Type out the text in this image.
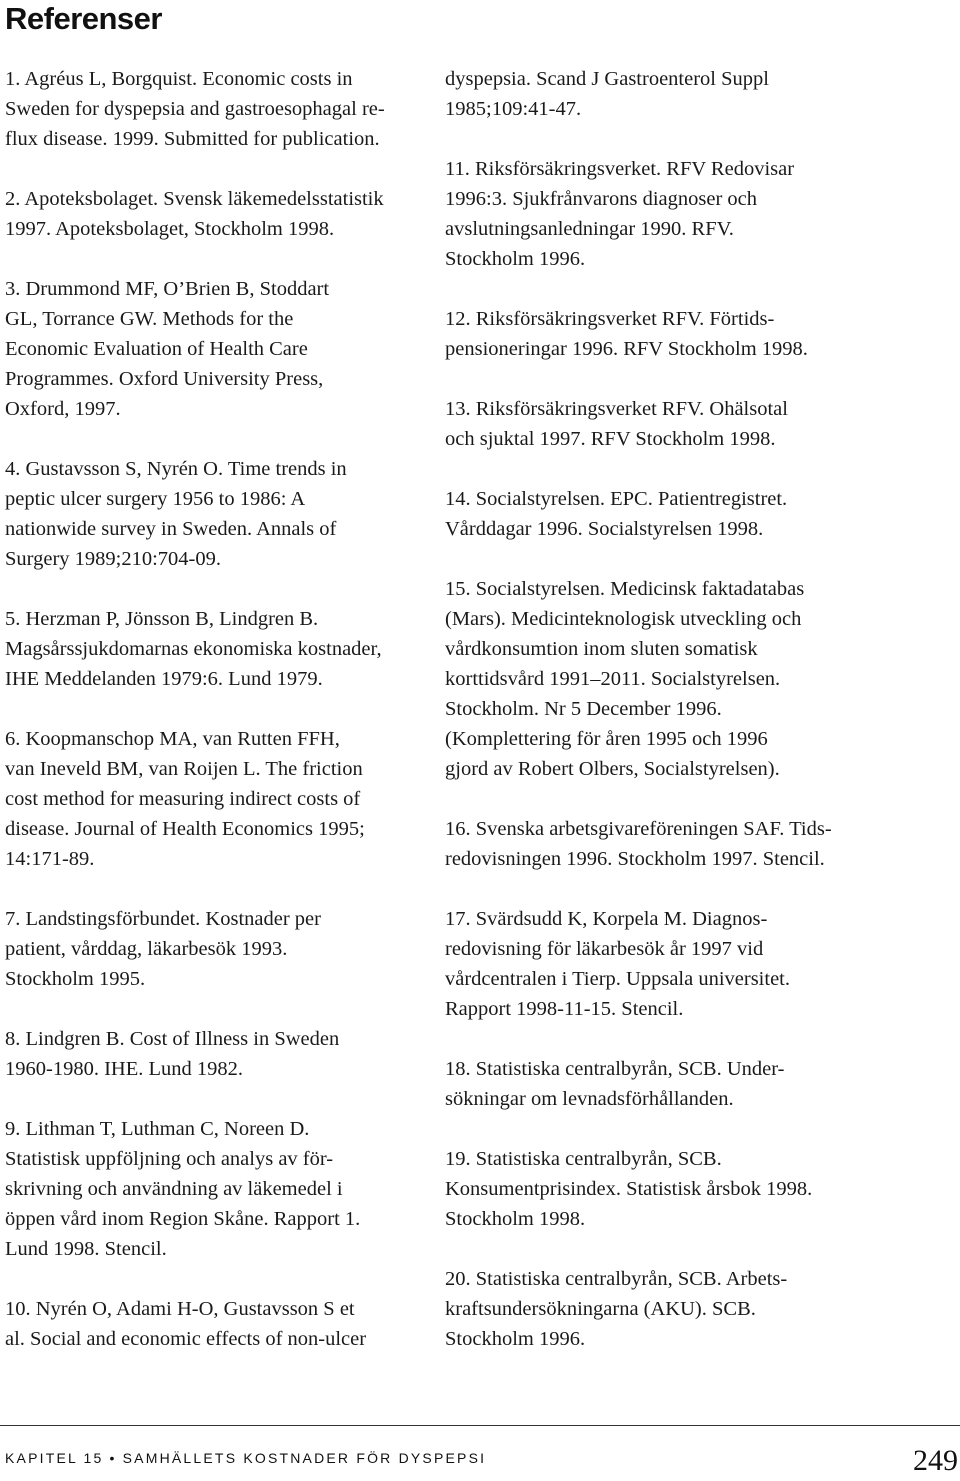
Referenser

1. Agréus L, Borgquist. Economic costs in
Sweden for dyspepsia and gastroesophagal re-
flux disease. 1999. Submitted for publication.

2. Apoteksbolaget. Svensk läkemedelsstatistik
1997. Apoteksbolaget, Stockholm 1998.

3. Drummond MF, O’Brien B, Stoddart
GL, Torrance GW. Methods for the
Economic Evaluation of Health Care
Programmes. Oxford University Press,
Oxford, 1997.

4. Gustavsson S, Nyrén O. Time trends in
peptic ulcer surgery 1956 to 1986: A
nationwide survey in Sweden. Annals of
Surgery 1989;210:704-09.

5. Herzman P, Jönsson B, Lindgren B.
Magsårssjukdomarnas ekonomiska kostnader,
IHE Meddelanden 1979:6. Lund 1979.

6. Koopmanschop MA, van Rutten FFH,
van Ineveld BM, van Roijen L. The friction
cost method for measuring indirect costs of
disease. Journal of Health Economics 1995;
14:171-89.

7. Landstingsförbundet. Kostnader per
patient, vårddag, läkarbesök 1993.
Stockholm 1995.

8. Lindgren B. Cost of Illness in Sweden
1960-1980. IHE. Lund 1982.

9. Lithman T, Luthman C, Noreen D.
Statistisk uppföljning och analys av för-
skrivning och användning av läkemedel i
öppen vård inom Region Skåne. Rapport 1.
Lund 1998. Stencil.

10. Nyrén O, Adami H-O, Gustavsson S et
al. Social and economic effects of non-ulcer

dyspepsia. Scand J Gastroenterol Suppl
1985;109:41-47.

11. Riksförsäkringsverket. RFV Redovisar
1996:3. Sjukfrånvarons diagnoser och
avslutningsanledningar 1990. RFV.
Stockholm 1996.

12. Riksförsäkringsverket RFV. Förtids-
pensioneringar 1996. RFV Stockholm 1998.

13. Riksförsäkringsverket RFV. Ohälsotal
och sjuktal 1997. RFV Stockholm 1998.

14. Socialstyrelsen. EPC. Patientregistret.
Vårddagar 1996. Socialstyrelsen 1998.

15. Socialstyrelsen. Medicinsk faktadatabas
(Mars). Medicinteknologisk utveckling och
vårdkonsumtion inom sluten somatisk
korttidsvård 1991–2011. Socialstyrelsen.
Stockholm. Nr 5 December 1996.
(Komplettering för åren 1995 och 1996
gjord av Robert Olbers, Socialstyrelsen).

16. Svenska arbetsgivareföreningen SAF. Tids-
redovisningen 1996. Stockholm 1997. Stencil.

17. Svärdsudd K, Korpela M. Diagnos-
redovisning för läkarbesök år 1997 vid
vårdcentralen i Tierp. Uppsala universitet.
Rapport 1998-11-15. Stencil.

18. Statistiska centralbyrån, SCB. Under-
sökningar om levnadsförhållanden.

19. Statistiska centralbyrån, SCB.
Konsumentprisindex. Statistisk årsbok 1998.
Stockholm 1998.

20. Statistiska centralbyrån, SCB. Arbets-
kraftsundersökningarna (AKU). SCB.
Stockholm 1996.

KAPITEL 15 • SAMHÄLLETS KOSTNADER FÖR DYSPEPSI	249
